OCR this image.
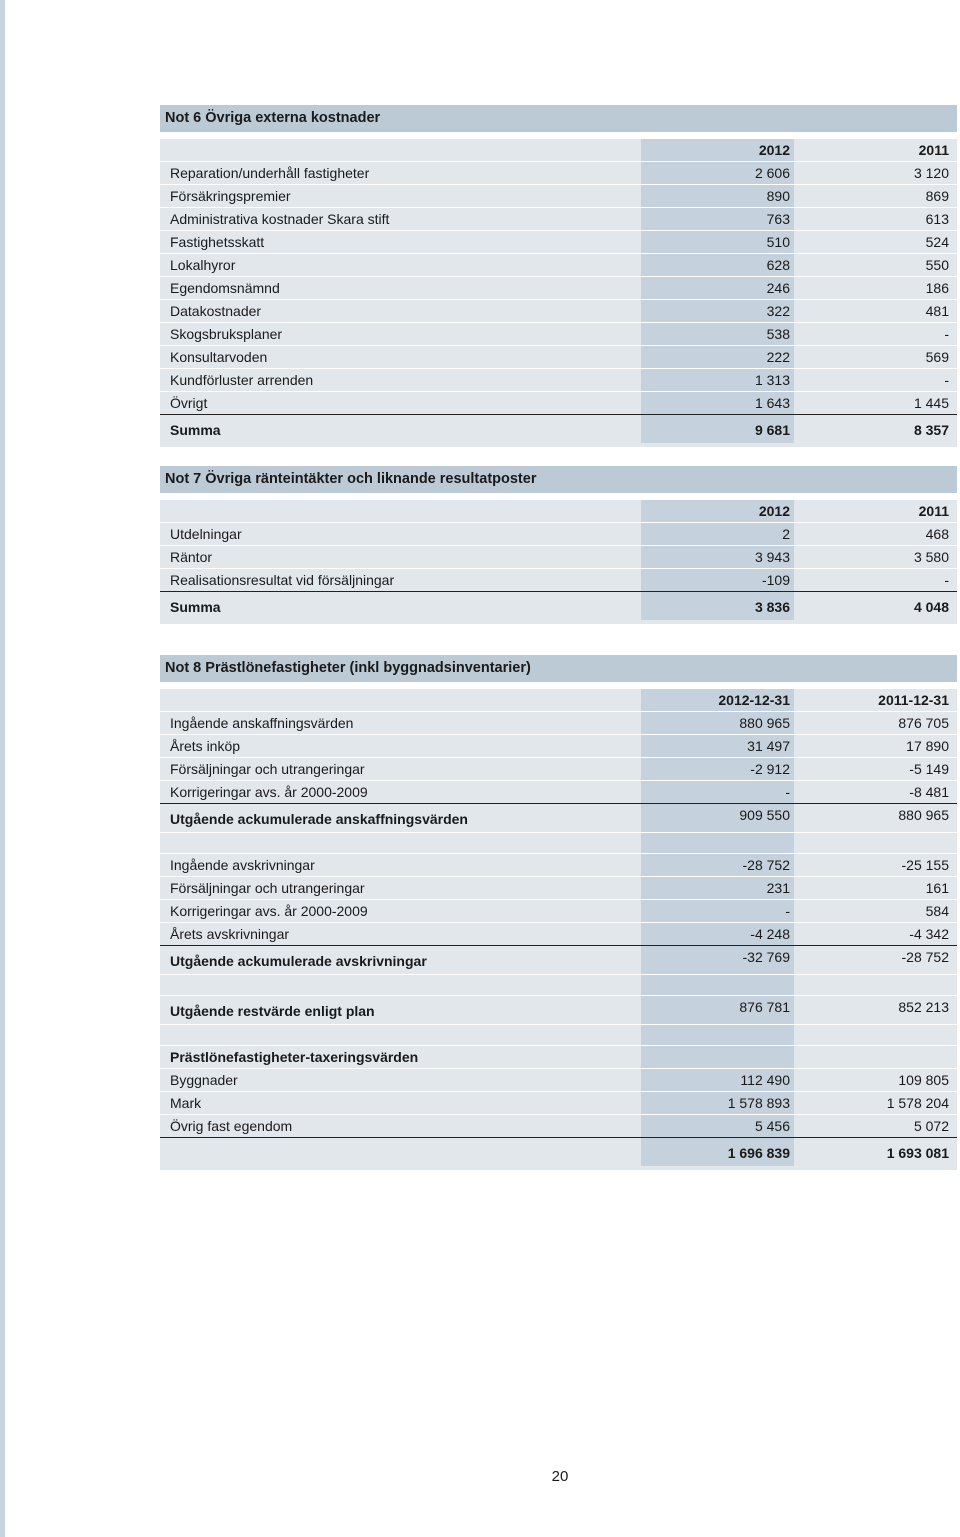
Not 6 Övriga externa kostnader
2012	2011
Reparation/underhåll fastigheter	2 606	3 120
Försäkringspremier	890	869
Administrativa kostnader Skara stift	763	613
Fastighetsskatt	510	524
Lokalhyror	628	550
Egendomsnämnd	246	186
Datakostnader	322	481
Skogsbruksplaner	538	-
Konsultarvoden	222	569
Kundförluster arrenden	1 313	-
Övrigt	1 643	1 445
Summa	9 681	8 357
Not 7 Övriga ränteintäkter och liknande resultatposter
2012	2011
Utdelningar	2	468
Räntor	3 943	3 580
Realisationsresultat vid försäljningar	-109	-
Summa	3 836	4 048
Not 8 Prästlönefastigheter (inkl byggnadsinventarier)
2012-12-31	2011-12-31
Ingående anskaffningsvärden	880 965	876 705
Årets inköp	31 497	17 890
Försäljningar och utrangeringar	-2 912	-5 149
Korrigeringar avs. år 2000-2009	-	-8 481
Utgående ackumulerade anskaffningsvärden	909 550	880 965
Ingående avskrivningar	-28 752	-25 155
Försäljningar och utrangeringar	231	161
Korrigeringar avs. år 2000-2009	-	584
Årets avskrivningar	-4 248	-4 342
Utgående ackumulerade avskrivningar	-32 769	-28 752
Utgående restvärde enligt plan	876 781	852 213
Prästlönefastigheter-taxeringsvärden
Byggnader	112 490	109 805
Mark	1 578 893	1 578 204
Övrig fast egendom	5 456	5 072
1 696 839	1 693 081
20
